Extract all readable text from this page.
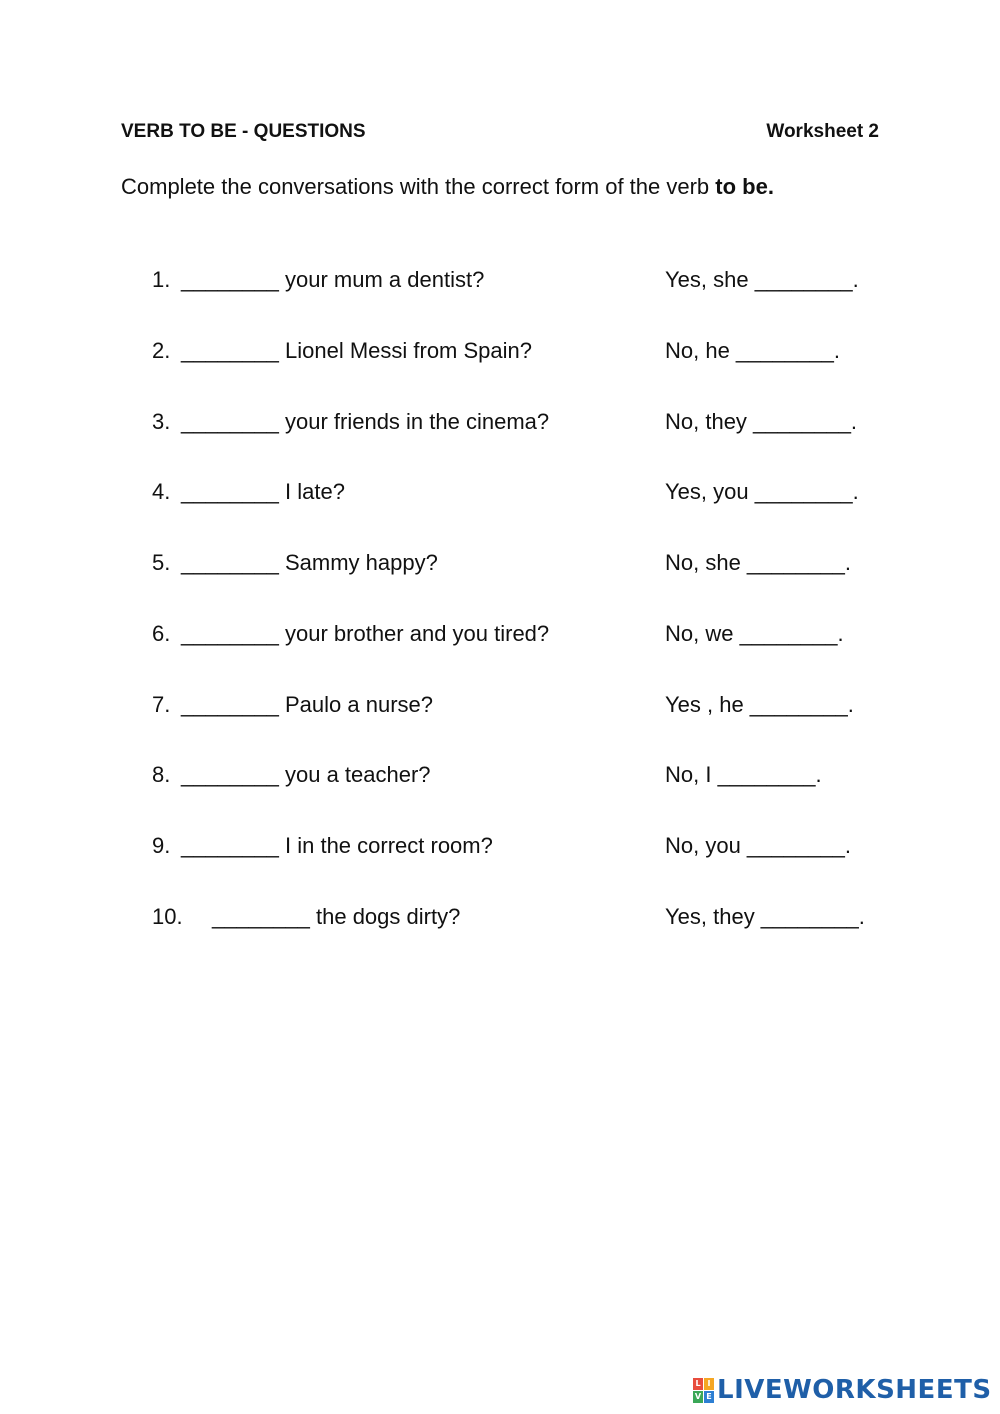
VERB TO BE - QUESTIONS	Worksheet 2
Complete the conversations with the correct form of the verb to be.
1. ________ your mum a dentist?	Yes, she ________.
2. ________ Lionel Messi from Spain?	No, he ________.
3. ________ your friends in the cinema?	No, they ________.
4. ________ I late?	Yes, you ________.
5. ________ Sammy happy?	No, she ________.
6. ________ your brother and you tired?	No, we ________.
7. ________ Paulo a nurse?	Yes , he ________.
8. ________ you a teacher?	No, I ________.
9. ________ I in the correct room?	No, you ________.
10. ________ the dogs dirty?	Yes, they ________.
L I
V E LIVEWORKSHEETS
